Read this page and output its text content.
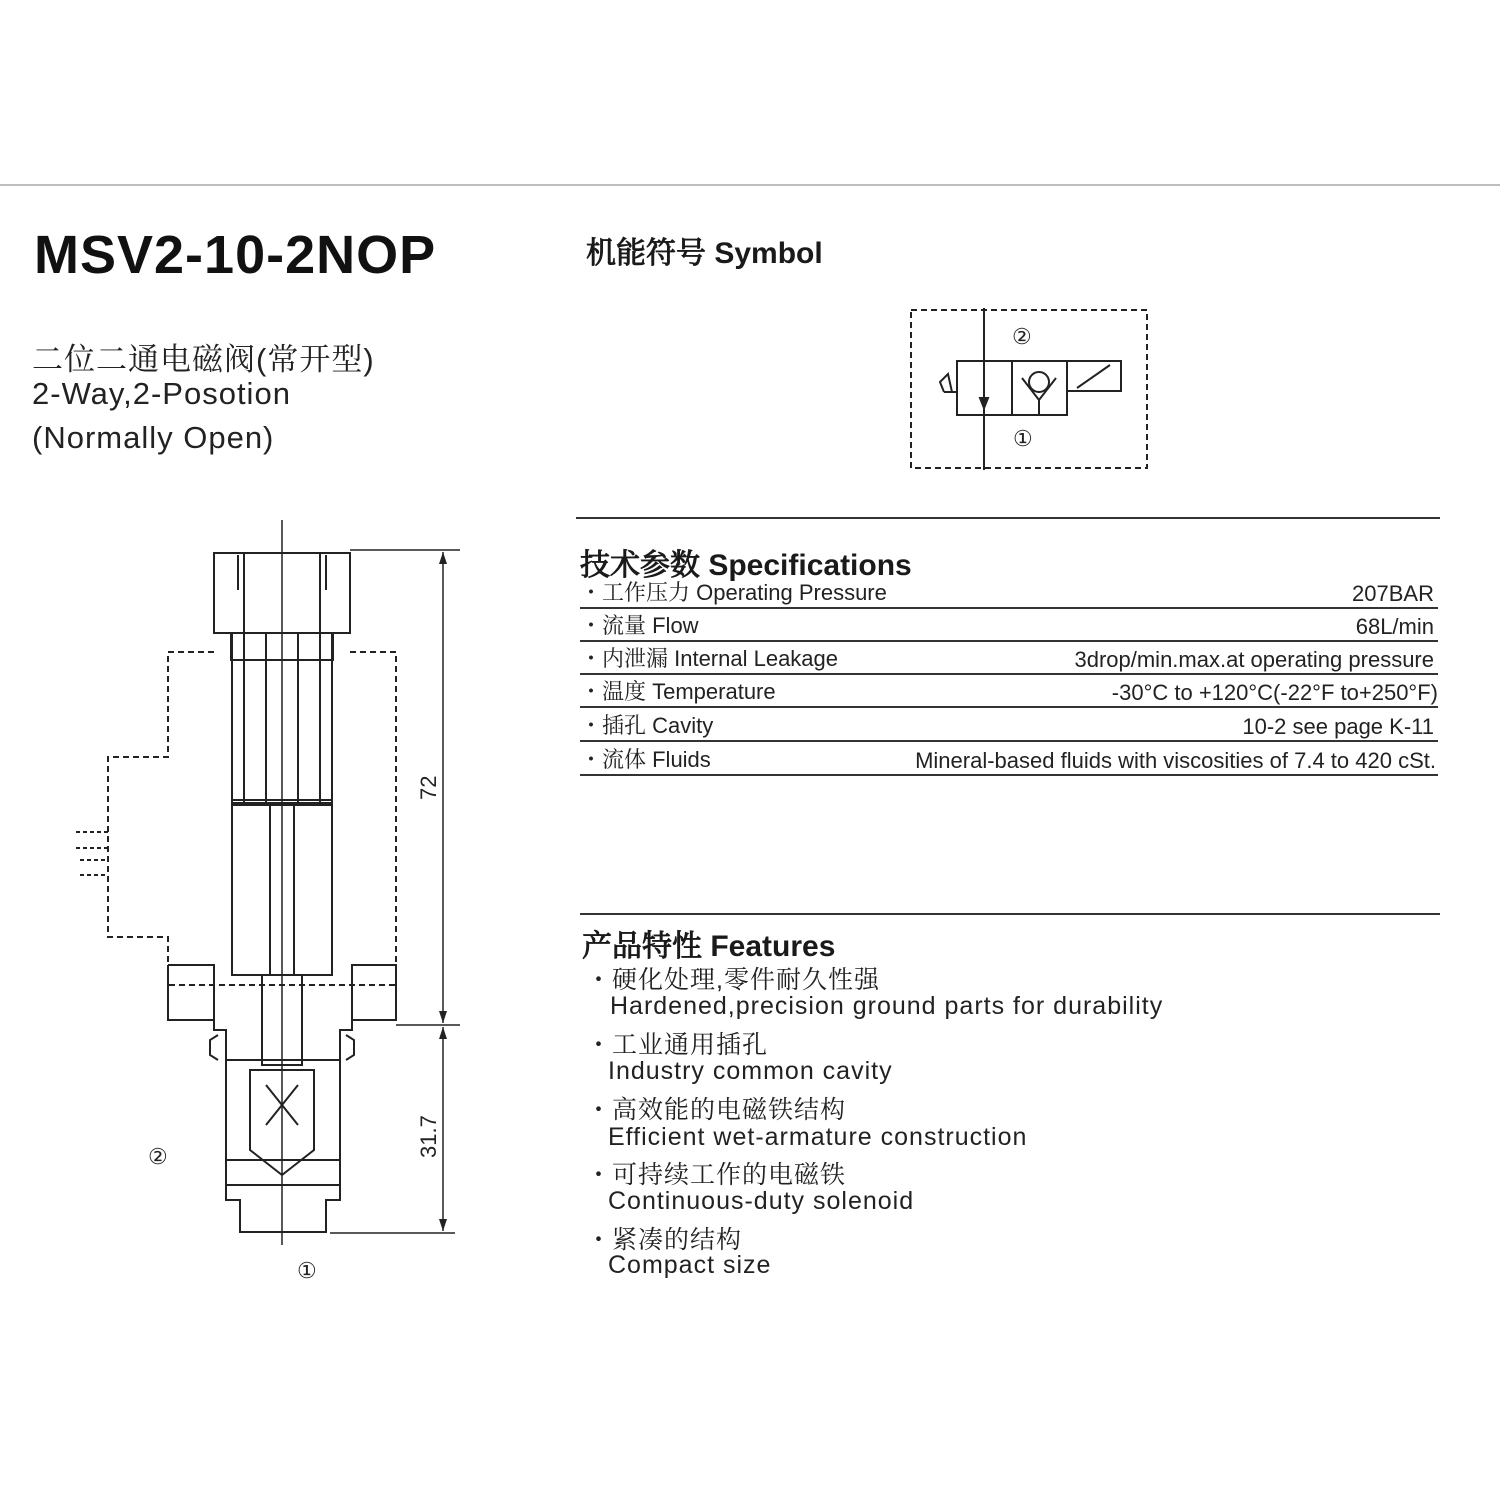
MSV2-10-2NOP
二位二通电磁阀(常开型)
2-Way,2-Posotion
(Normally Open)
机能符号 Symbol
②
①
72
31.7
②
①
技术参数 Specifications
・工作压力 Operating Pressure	207BAR
・流量 Flow	68L/min
・内泄漏 Internal Leakage	3drop/min.max.at operating pressure
・温度 Temperature	-30°C to +120°C(-22°F to+250°F)
・插孔 Cavity	10-2 see page K-11
・流体 Fluids	Mineral-based fluids with viscosities of 7.4 to 420 cSt.
产品特性 Features
・硬化处理,零件耐久性强
Hardened,precision ground parts for durability
・工业通用插孔
Industry common cavity
・高效能的电磁铁结构
Efficient wet-armature construction
・可持续工作的电磁铁
Continuous-duty solenoid
・紧凑的结构
Compact size
